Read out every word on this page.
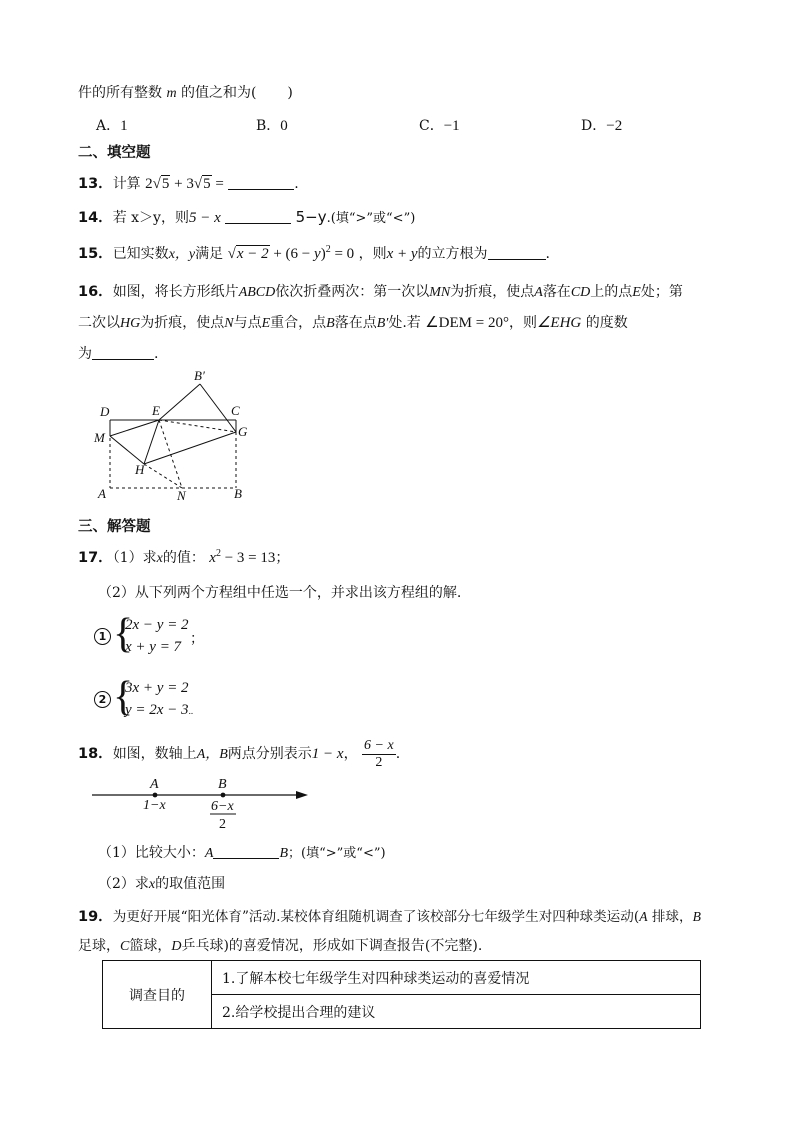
件的所有整数 m 的值之和为( )
A．1	B．0	C．−1	D．−2
二、填空题
13．计算 2√5 + 3√5 =	.
14．若 x＞y，则5 − x	5−y.(填“>”或“<”)
15．已知实数x，y满足 $√x - 2 + (6 - y)^2 = 0$ ，则x + y的立方根为	.
16．如图，将长方形纸片ABCD依次折叠两次：第一次以MN为折痕，使点A落在CD上的点E处；第
二次以HG为折痕，使点N与点E重合，点B落在点B′处.若 ∠DEM = 20°，则∠EHG 的度数
为	.
D	E	C
G
M
H
A	N	B
B′
三、解答题
17．（1）求x的值： $x^2 - 3 = 13$；
（2）从下列两个方程组中任选一个，并求出该方程组的解.
1 {
2x − y = 2
x + y = 7 ；
2 {
3x + y = 2
y = 2x − 3..
18．如图，数轴上A，B两点分别表示1 − x， $\frac{6 - x}{2}$ .
A	B
1−x	6−x
2
（1）比较大小：A	B；(填“>”或“<”)
（2）求x的取值范围
19．为更好开展“阳光体育”活动.某校体育组随机调查了该校部分七年级学生对四种球类运动(A 排球，B
足球，C篮球，D乒乓球)的喜爱情况，形成如下调查报告(不完整).
调查目的	1.了解本校七年级学生对四种球类运动的喜爱情况
2.给学校提出合理的建议
